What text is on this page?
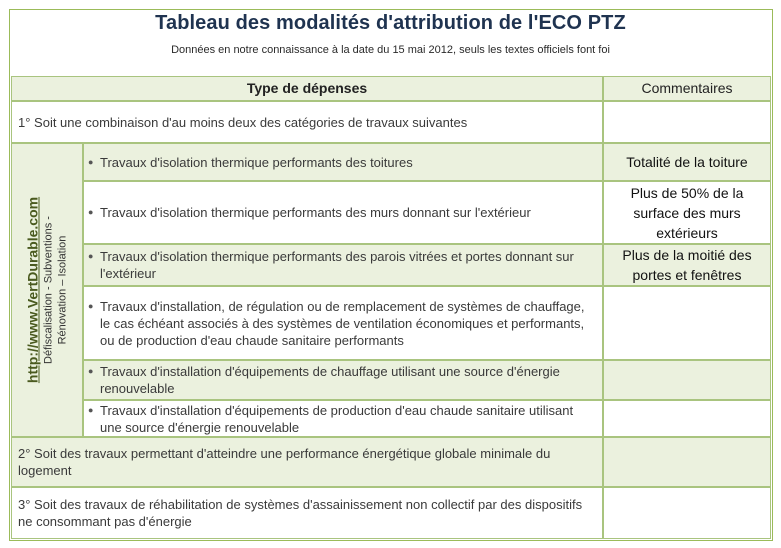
Tableau des modalités d'attribution de l'ECO PTZ
Données en notre connaissance à la date du 15 mai 2012, seuls les textes officiels font foi
Type de dépenses	Commentaires
1° Soit une combinaison d'au moins deux des catégories de travaux suivantes
http://www.VertDurable.com Défiscalisation - Subventions - Rénovation – Isolation
● Travaux d'isolation thermique performants des toitures	Totalité de la toiture
● Travaux d'isolation thermique performants des murs donnant sur l'extérieur
Plus de 50% de la surface des murs extérieurs
● Travaux d'isolation thermique performants des parois vitrées et portes donnant sur l'extérieur
Plus de la moitié des portes et fenêtres
● Travaux d'installation, de régulation ou de remplacement de systèmes de chauffage, le cas échéant associés à des systèmes de ventilation économiques et performants, ou de production d'eau chaude sanitaire performants
● Travaux d'installation d'équipements de chauffage utilisant une source d'énergie renouvelable
● Travaux d'installation d'équipements de production d'eau chaude sanitaire utilisant une source d'énergie renouvelable
2° Soit des travaux permettant d'atteindre une performance énergétique globale minimale du logement
3° Soit des travaux de réhabilitation de systèmes d'assainissement non collectif par des dispositifs ne consommant pas d'énergie
